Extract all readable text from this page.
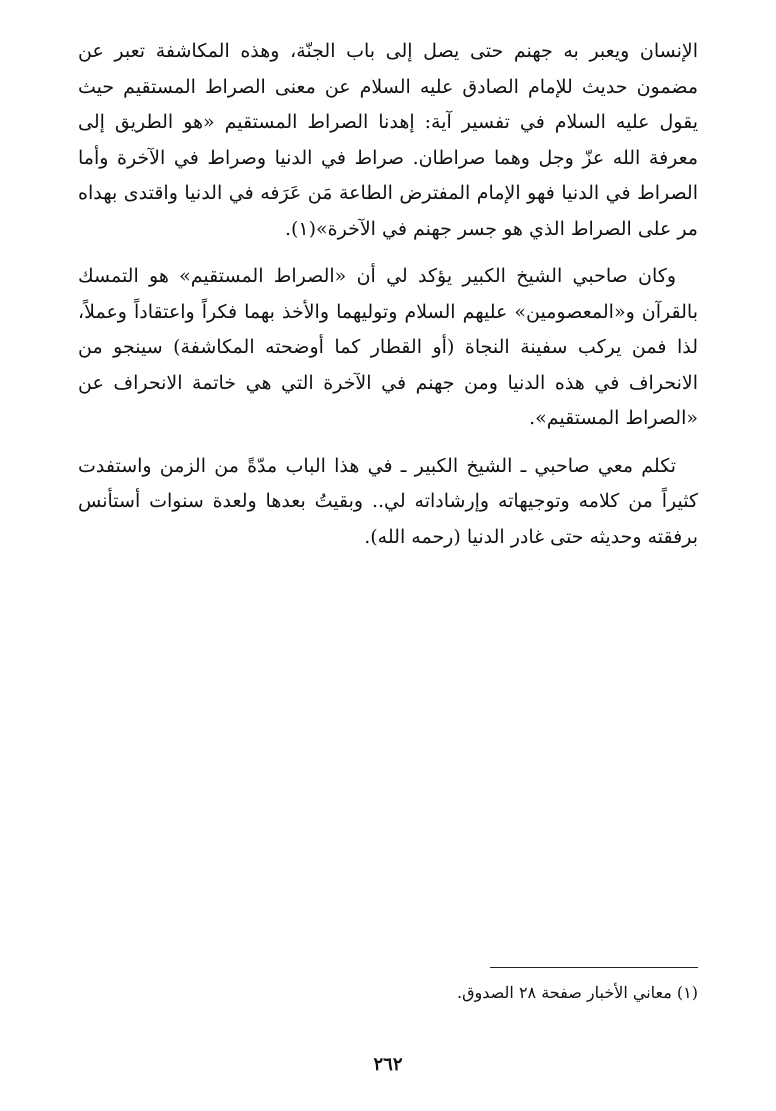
الإنسان ويعبر به جهنم حتى يصل إلى باب الجنّة، وهذه المكاشفة تعبر عن مضمون حديث للإمام الصادق عليه السلام عن معنى الصراط المستقيم حيث يقول عليه السلام في تفسير آية: إهدنا الصراط المستقيم «هو الطريق إلى معرفة الله عزّ وجل وهما صراطان. صراط في الدنيا وصراط في الآخرة وأما الصراط في الدنيا فهو الإمام المفترض الطاعة مَن عَرَفه في الدنيا واقتدى بهداه مر على الصراط الذي هو جسر جهنم في الآخرة»(١).

وكان صاحبي الشيخ الكبير يؤكد لي أن «الصراط المستقيم» هو التمسك بالقرآن و«المعصومين» عليهم السلام وتوليهما والأخذ بهما فكراً واعتقاداً وعملاً، لذا فمن يركب سفينة النجاة (أو القطار كما أوضحته المكاشفة) سينجو من الانحراف في هذه الدنيا ومن جهنم في الآخرة التي هي خاتمة الانحراف عن «الصراط المستقيم».

تكلم معي صاحبي ـ الشيخ الكبير ـ في هذا الباب مدّةً من الزمن واستفدت كثيراً من كلامه وتوجيهاته وإرشاداته لي.. وبقيتُ بعدها ولعدة سنوات أستأنس برفقته وحديثه حتى غادر الدنيا (رحمه الله).

(١) معاني الأخبار صفحة ٢٨ الصدوق.
٢٦٢
